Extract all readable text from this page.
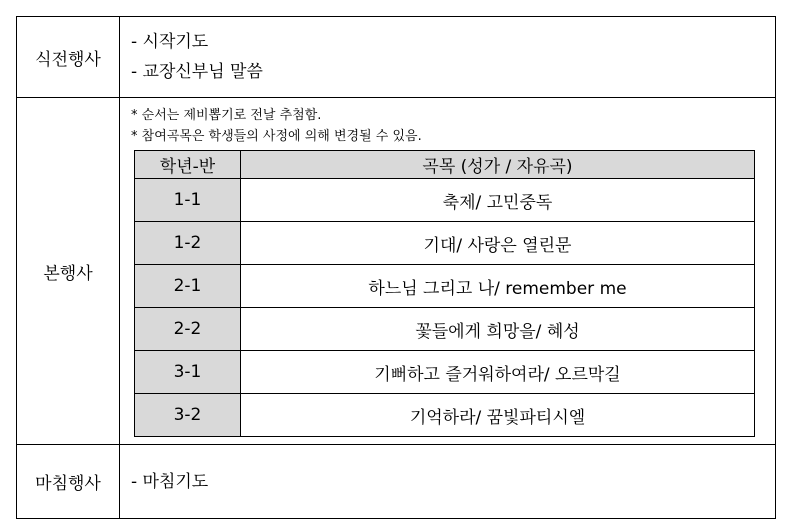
식전행사	
- 시작기도
- 교장신부님 말씀

본행사	
* 순서는 제비뽑기로 전날 추첨함.
* 참여곡목은 학생들의 사정에 의해 변경될 수 있음.
학년-반	곡목 (성가 / 자유곡)
1-1	축제/ 고민중독
1-2	기대/ 사랑은 열린문
2-1	하느님 그리고 나/ remember me
2-2	꽃들에게 희망을/ 혜성
3-1	기뻐하고 즐거워하여라/ 오르막길
3-2	기억하라/ 꿈빛파티시엘

마침행사	- 마침기도
